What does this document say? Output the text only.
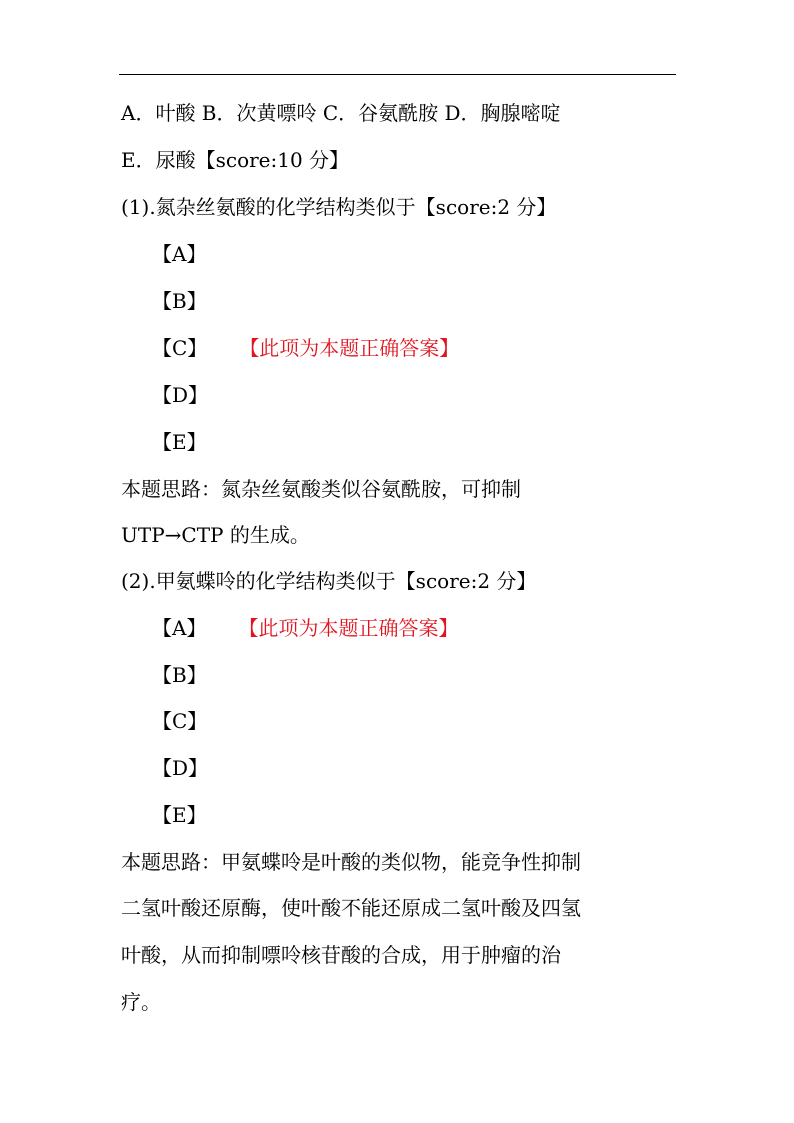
A．叶酸 B．次黄嘌呤 C．谷氨酰胺 D．胸腺嘧啶
E．尿酸【score:10 分】
(1).氮杂丝氨酸的化学结构类似于【score:2 分】
【A】
【B】
【C】 【此项为本题正确答案】
【D】
【E】
本题思路：氮杂丝氨酸类似谷氨酰胺，可抑制
UTP→CTP 的生成。
(2).甲氨蝶呤的化学结构类似于【score:2 分】
【A】 【此项为本题正确答案】
【B】
【C】
【D】
【E】
本题思路：甲氨蝶呤是叶酸的类似物，能竞争性抑制
二氢叶酸还原酶，使叶酸不能还原成二氢叶酸及四氢
叶酸，从而抑制嘌呤核苷酸的合成，用于肿瘤的治
疗。
